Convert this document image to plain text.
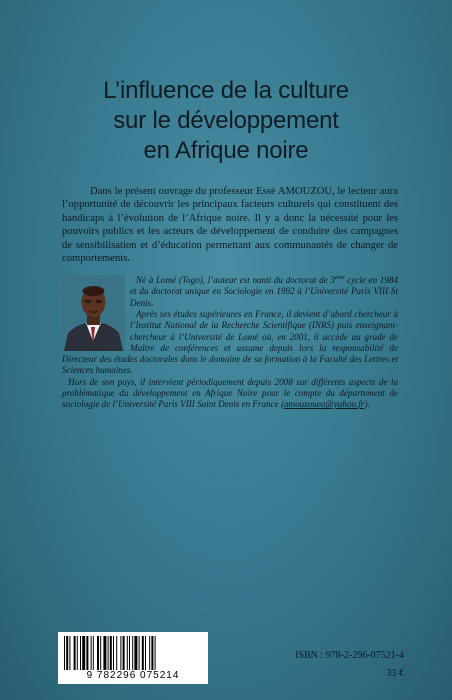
L’influence de la culture
sur le développement
en Afrique noire

Dans le présent ouvrage du professeur Essè AMOUZOU, le lecteur aura l’opportunité de découvrir les principaux facteurs culturels qui constituent des handicaps à l’évolution de l’Afrique noire. Il y a donc la nécessité pour les pouvoirs publics et les acteurs de développement de conduire des campagnes de sensibilisation et d’éducation permettant aux communautés de changer de comportements.

Né à Lomé (Togo), l’auteur est nanti du doctorat de 3ème cycle en 1984 et du doctorat unique en Sociologie en 1992 à l’Université Paris VIII St Denis.

Après ses études supérieures en France, il devient d’abord chercheur à l’Institut National de la Recherche Scientifique (INRS) puis enseignant-chercheur à l’Université de Lomé où, en 2001, il accède au grade de Maître de conférences et assume depuis lors la responsabilité de Directeur des études doctorales dans le domaine de sa formation à la Faculté des Lettres et Sciences humaines.

Hors de son pays, il intervient périodiquement depuis 2008 sur différents aspects de la problématique du développement en Afrique Noire pour le compte du département de sociologie de l’Université Paris VIII Saint Denis en France (amouzouea@yahoo.fr).

9 782296 075214
ISBN : 978-2-296-07521-4
33 €
